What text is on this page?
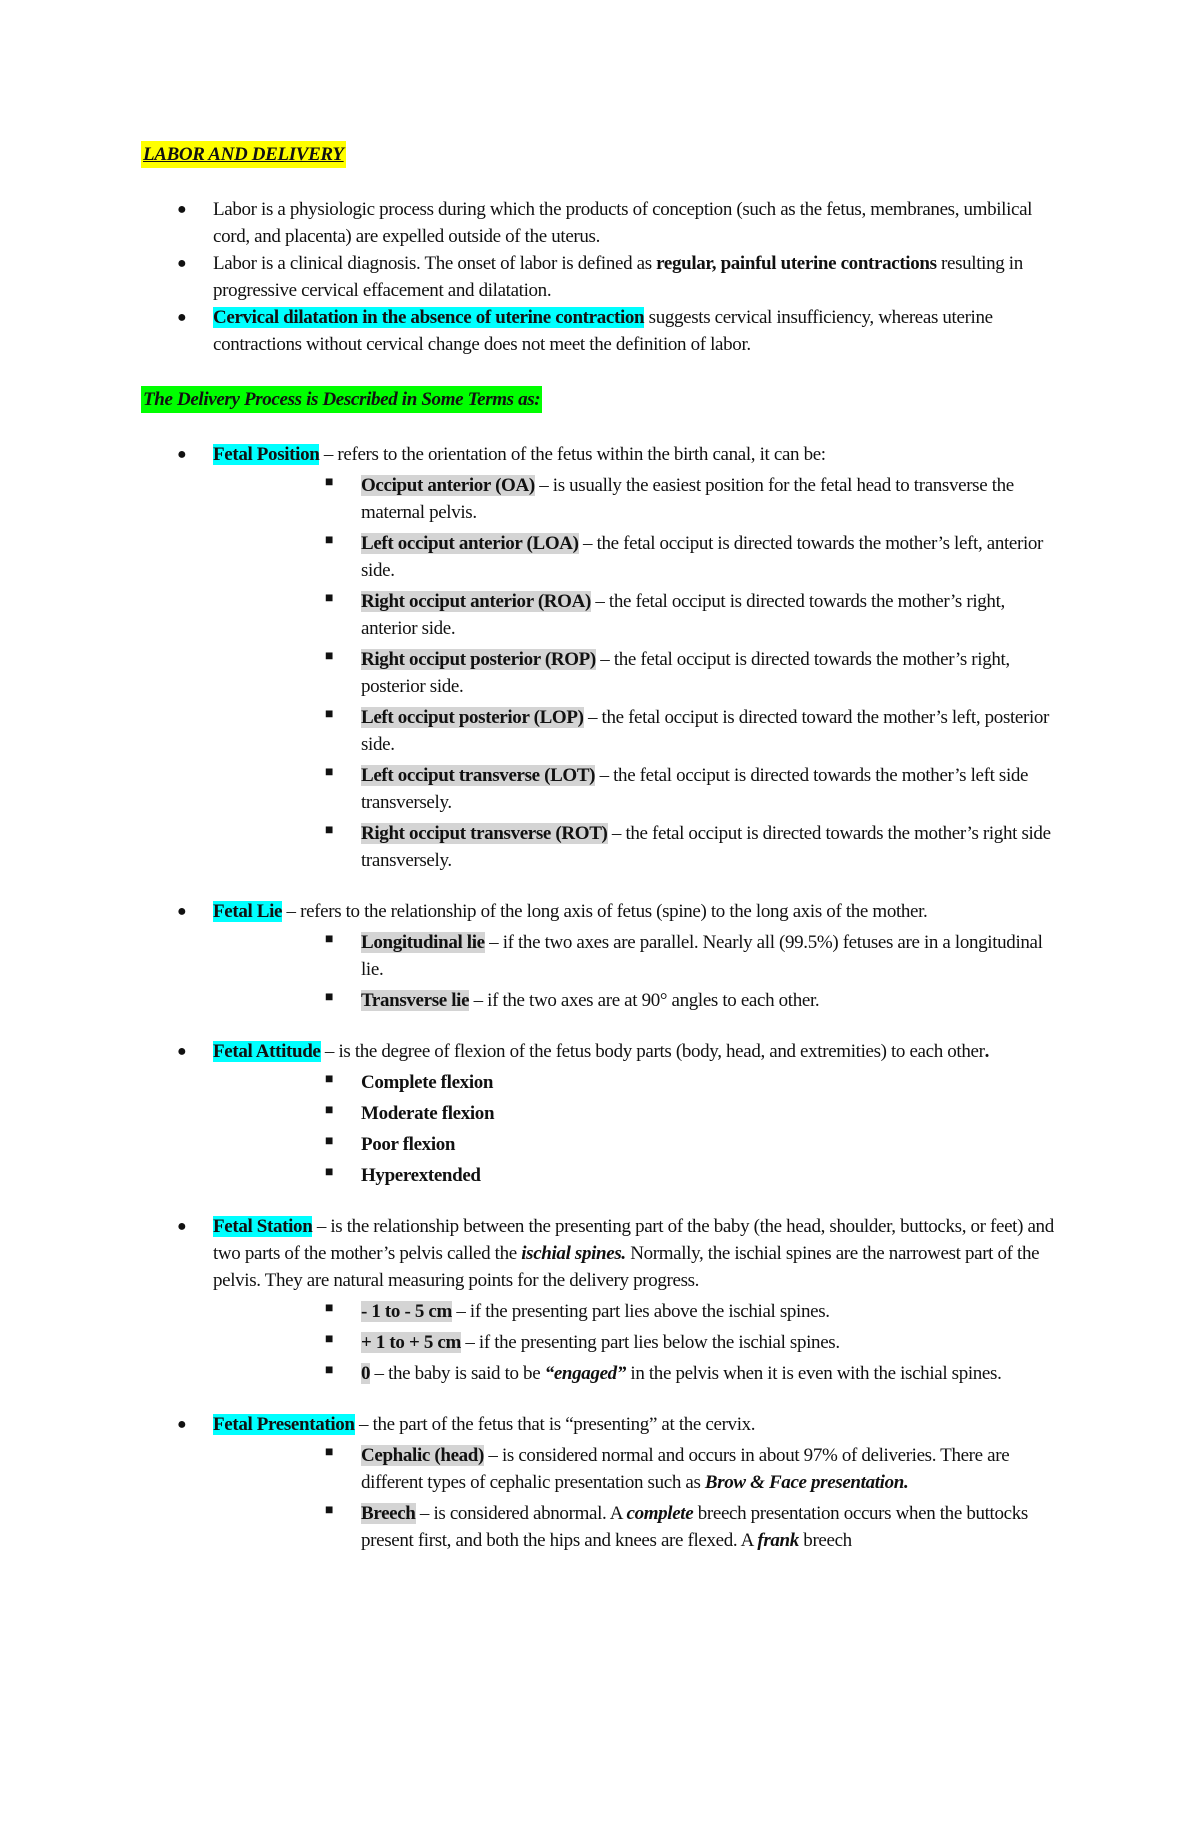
LABOR AND DELIVERY
● Labor is a physiologic process during which the products of conception (such as the fetus, membranes, umbilical cord, and placenta) are expelled outside of the uterus.
● Labor is a clinical diagnosis. The onset of labor is defined as regular, painful uterine contractions resulting in progressive cervical effacement and dilatation.
● Cervical dilatation in the absence of uterine contraction suggests cervical insufficiency, whereas uterine contractions without cervical change does not meet the definition of labor.
The Delivery Process is Described in Some Terms as:
● Fetal Position – refers to the orientation of the fetus within the birth canal, it can be:
■ Occiput anterior (OA) – is usually the easiest position for the fetal head to transverse the maternal pelvis.
■ Left occiput anterior (LOA) – the fetal occiput is directed towards the mother’s left, anterior side.
■ Right occiput anterior (ROA) – the fetal occiput is directed towards the mother’s right, anterior side.
■ Right occiput posterior (ROP) – the fetal occiput is directed towards the mother’s right, posterior side.
■ Left occiput posterior (LOP) – the fetal occiput is directed toward the mother’s left, posterior side.
■ Left occiput transverse (LOT) – the fetal occiput is directed towards the mother’s left side transversely.
■ Right occiput transverse (ROT) – the fetal occiput is directed towards the mother’s right side transversely.
● Fetal Lie – refers to the relationship of the long axis of fetus (spine) to the long axis of the mother.
■ Longitudinal lie – if the two axes are parallel. Nearly all (99.5%) fetuses are in a longitudinal lie.
■ Transverse lie – if the two axes are at 90° angles to each other.
● Fetal Attitude – is the degree of flexion of the fetus body parts (body, head, and extremities) to each other.
■ Complete flexion
■ Moderate flexion
■ Poor flexion
■ Hyperextended
● Fetal Station – is the relationship between the presenting part of the baby (the head, shoulder, buttocks, or feet) and two parts of the mother’s pelvis called the ischial spines. Normally, the ischial spines are the narrowest part of the pelvis. They are natural measuring points for the delivery progress.
■ - 1 to - 5 cm – if the presenting part lies above the ischial spines.
■ + 1 to + 5 cm – if the presenting part lies below the ischial spines.
■ 0 – the baby is said to be “engaged” in the pelvis when it is even with the ischial spines.
● Fetal Presentation – the part of the fetus that is “presenting” at the cervix.
■ Cephalic (head) – is considered normal and occurs in about 97% of deliveries. There are different types of cephalic presentation such as Brow & Face presentation.
■ Breech – is considered abnormal. A complete breech presentation occurs when the buttocks present first, and both the hips and knees are flexed. A frank breech
